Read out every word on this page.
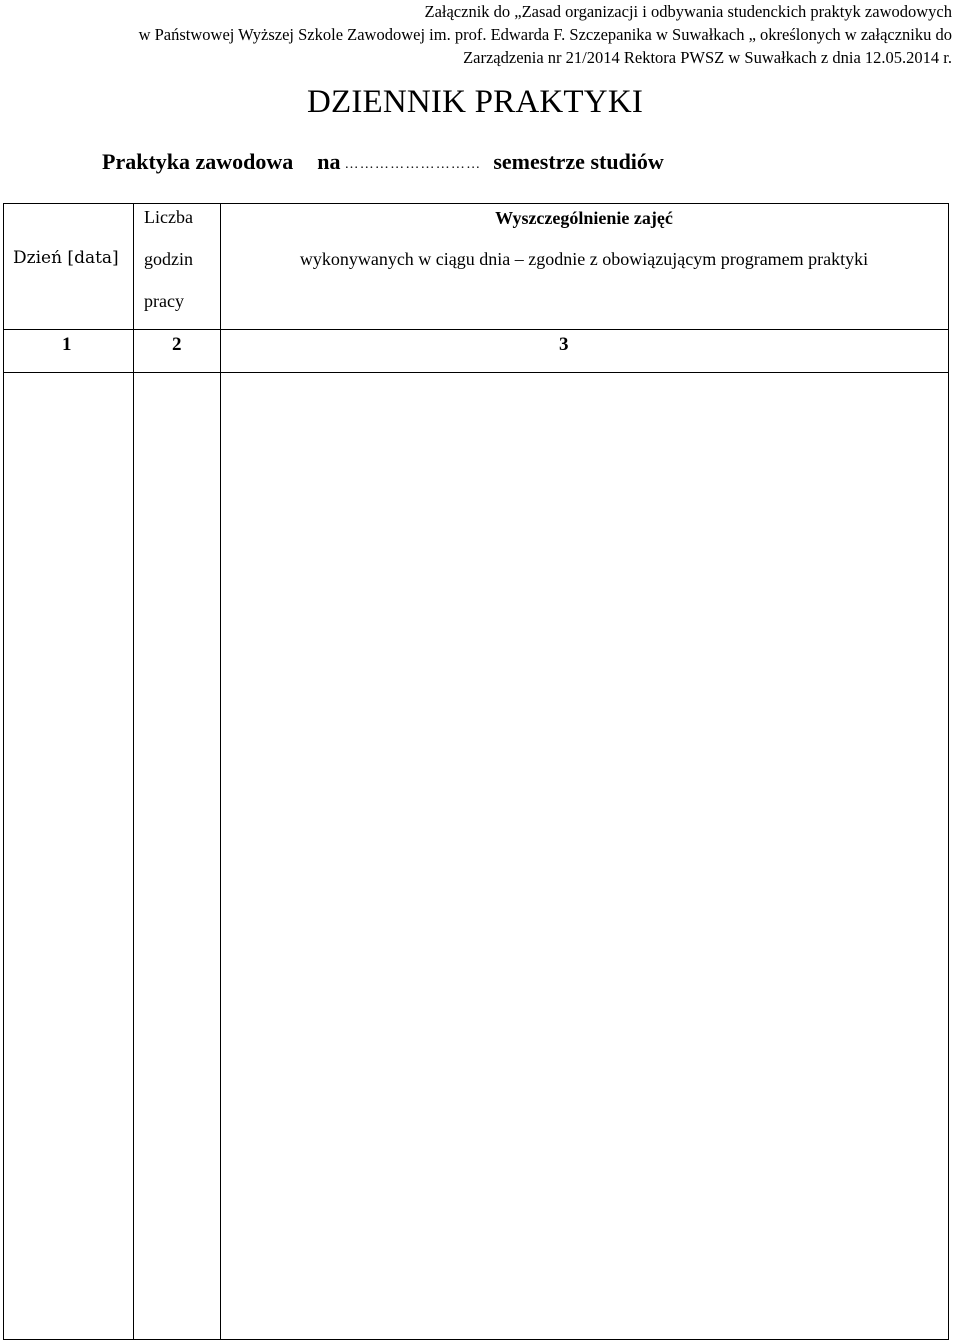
Załącznik do „Zasad organizacji i odbywania studenckich praktyk zawodowych
w Państwowej Wyższej Szkole Zawodowej im. prof. Edwarda F. Szczepanika w Suwałkach „ określonych w załączniku do
Zarządzenia nr 21/2014 Rektora PWSZ w Suwałkach z dnia 12.05.2014 r.
DZIENNIK PRAKTYKI
Praktyka zawodowa na ……………………… semestrze studiów
Dzień [data]
Liczba
godzin
pracy
Wyszczególnienie zajęć
wykonywanych w ciągu dnia – zgodnie z obowiązującym programem praktyki
1	2	3
